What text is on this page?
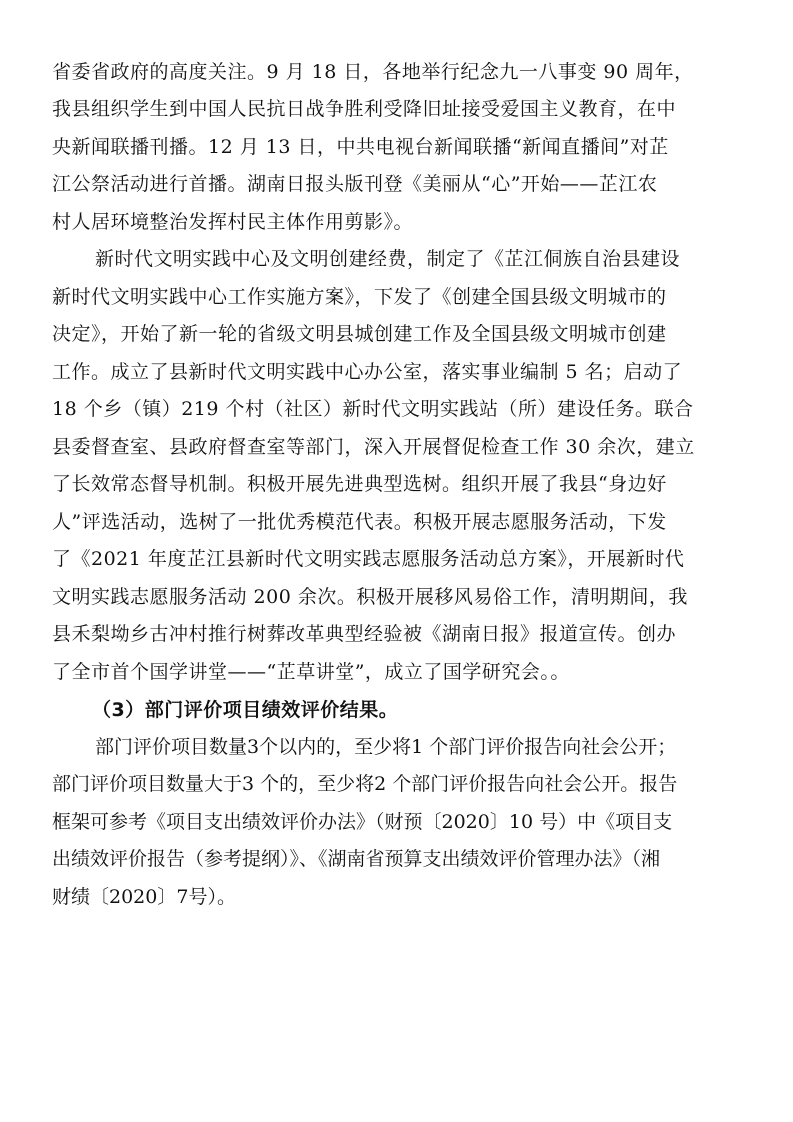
省委省政府的高度关注。9 月 18 日，各地举行纪念九一八事变 90 周年，
我县组织学生到中国人民抗日战争胜利受降旧址接受爱国主义教育，在中
央新闻联播刊播。12 月 13 日，中共电视台新闻联播“新闻直播间”对芷
江公祭活动进行首播。湖南日报头版刊登《美丽从“心”开始——芷江农
村人居环境整治发挥村民主体作用剪影》。
新时代文明实践中心及文明创建经费，制定了《芷江侗族自治县建设
新时代文明实践中心工作实施方案》，下发了《创建全国县级文明城市的
决定》，开始了新一轮的省级文明县城创建工作及全国县级文明城市创建
工作。成立了县新时代文明实践中心办公室，落实事业编制 5 名；启动了
18 个乡（镇）219 个村（社区）新时代文明实践站（所）建设任务。联合
县委督查室、县政府督查室等部门，深入开展督促检查工作 30 余次，建立
了长效常态督导机制。积极开展先进典型选树。组织开展了我县“身边好
人”评选活动，选树了一批优秀模范代表。积极开展志愿服务活动，下发
了《2021 年度芷江县新时代文明实践志愿服务活动总方案》，开展新时代
文明实践志愿服务活动 200 余次。积极开展移风易俗工作，清明期间，我
县禾梨坳乡古冲村推行树葬改革典型经验被《湖南日报》报道宣传。创办
了全市首个国学讲堂——“芷草讲堂”，成立了国学研究会。。
（3）部门评价项目绩效评价结果。
部门评价项目数量3个以内的，至少将1 个部门评价报告向社会公开；
部门评价项目数量大于3 个的，至少将2 个部门评价报告向社会公开。报告
框架可参考《项目支出绩效评价办法》（财预〔2020〕10 号）中《项目支
出绩效评价报告（参考提纲）》、《湖南省预算支出绩效评价管理办法》（湘
财绩〔2020〕7号）。
